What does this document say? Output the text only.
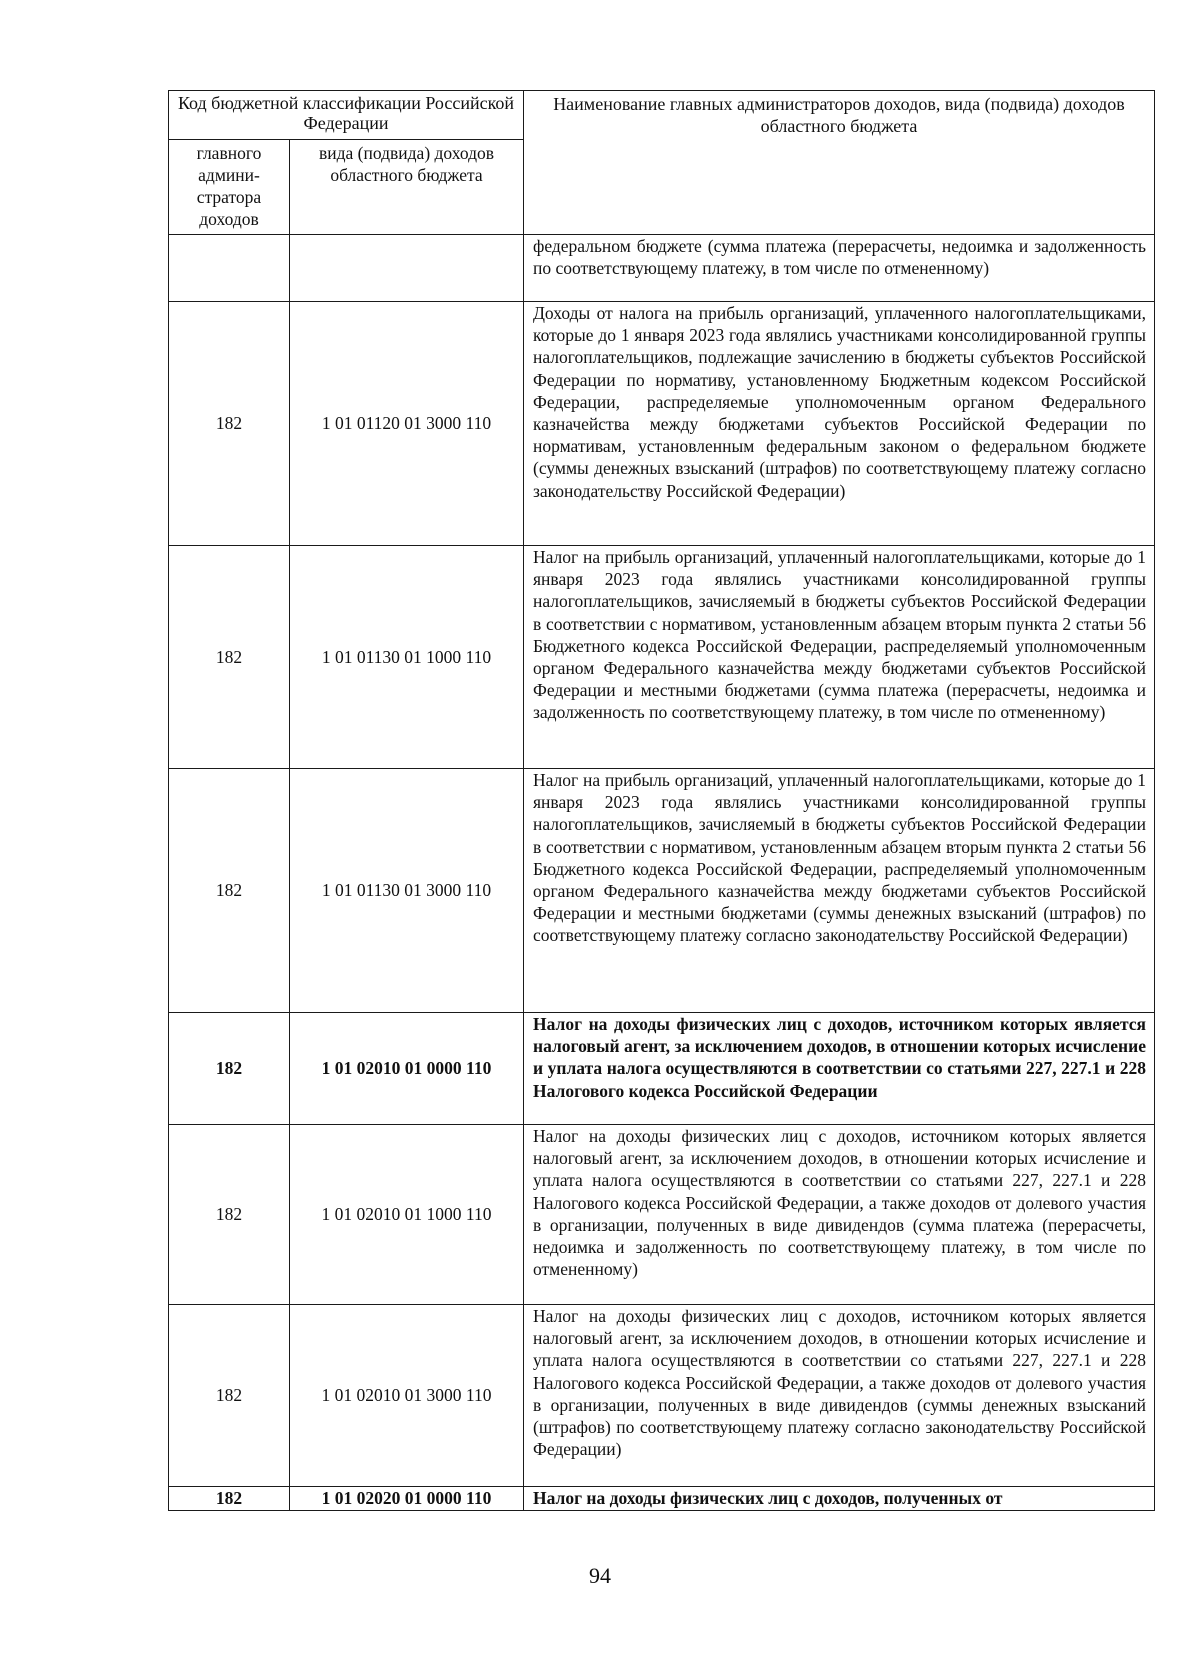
Код бюджетной классификации Российской Федерации		Наименование главных администраторов доходов, вида (подвида) доходов областного бюджета
главного админи-стратора доходов	вида (подвида) доходов областного бюджета	
		федеральном бюджете (сумма платежа (перерасчеты, недоимка и задолженность по соответствующему платежу, в том числе по отмененному)
182	1 01 01120 01 3000 110	Доходы от налога на прибыль организаций, уплаченного налогоплательщиками, которые до 1 января 2023 года являлись участниками консолидированной группы налогоплательщиков, подлежащие зачислению в бюджеты субъектов Российской Федерации по нормативу, установленному Бюджетным кодексом Российской Федерации, распределяемые уполномоченным органом Федерального казначейства между бюджетами субъектов Российской Федерации по нормативам, установленным федеральным законом о федеральном бюджете (суммы денежных взысканий (штрафов) по соответствующему платежу согласно законодательству Российской Федерации)
182	1 01 01130 01 1000 110	Налог на прибыль организаций, уплаченный налогоплательщиками, которые до 1 января 2023 года являлись участниками консолидированной группы налогоплательщиков, зачисляемый в бюджеты субъектов Российской Федерации в соответствии с нормативом, установленным абзацем вторым пункта 2 статьи 56 Бюджетного кодекса Российской Федерации, распределяемый уполномоченным органом Федерального казначейства между бюджетами субъектов Российской Федерации и местными бюджетами (сумма платежа (перерасчеты, недоимка и задолженность по соответствующему платежу, в том числе по отмененному)
182	1 01 01130 01 3000 110	Налог на прибыль организаций, уплаченный налогоплательщиками, которые до 1 января 2023 года являлись участниками консолидированной группы налогоплательщиков, зачисляемый в бюджеты субъектов Российской Федерации в соответствии с нормативом, установленным абзацем вторым пункта 2 статьи 56 Бюджетного кодекса Российской Федерации, распределяемый уполномоченным органом Федерального казначейства между бюджетами субъектов Российской Федерации и местными бюджетами (суммы денежных взысканий (штрафов) по соответствующему платежу согласно законодательству Российской Федерации)
182	1 01 02010 01 0000 110	Налог на доходы физических лиц с доходов, источником которых является налоговый агент, за исключением доходов, в отношении которых исчисление и уплата налога осуществляются в соответствии со статьями 227, 227.1 и 228 Налогового кодекса Российской Федерации
182	1 01 02010 01 1000 110	Налог на доходы физических лиц с доходов, источником которых является налоговый агент, за исключением доходов, в отношении которых исчисление и уплата налога осуществляются в соответствии со статьями 227, 227.1 и 228 Налогового кодекса Российской Федерации, а также доходов от долевого участия в организации, полученных в виде дивидендов (сумма платежа (перерасчеты, недоимка и задолженность по соответствующему платежу, в том числе по отмененному)
182	1 01 02010 01 3000 110	Налог на доходы физических лиц с доходов, источником которых является налоговый агент, за исключением доходов, в отношении которых исчисление и уплата налога осуществляются в соответствии со статьями 227, 227.1 и 228 Налогового кодекса Российской Федерации, а также доходов от долевого участия в организации, полученных в виде дивидендов (суммы денежных взысканий (штрафов) по соответствующему платежу согласно законодательству Российской Федерации)
182	1 01 02020 01 0000 110	Налог на доходы физических лиц с доходов, полученных от
94
